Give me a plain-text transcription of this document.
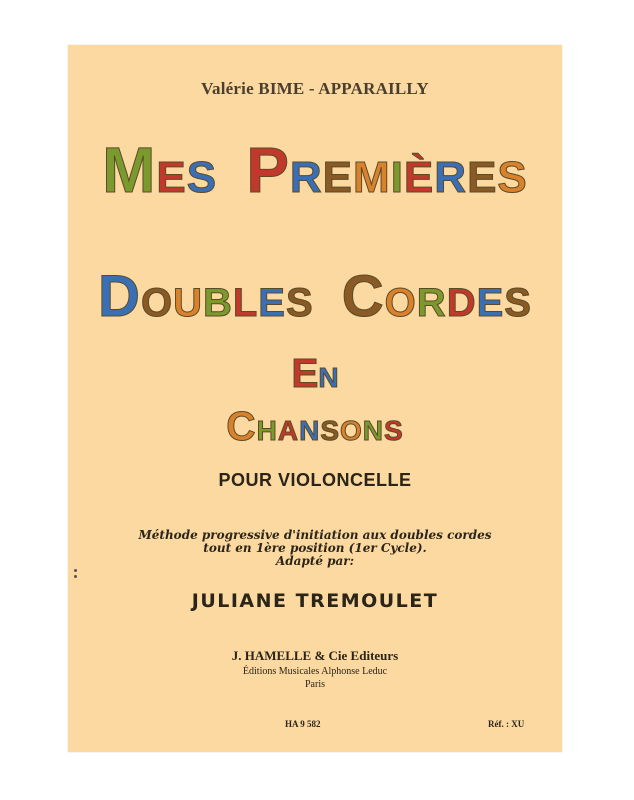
Valérie BIME - APPARAILLY
MES PREMIÈRES
DOUBLES CORDES
EN
CHANSONS
POUR VIOLONCELLE
Méthode progressive d'initiation aux doubles cordes
tout en 1ère position (1er Cycle).
Adapté par:
JULIANE TREMOULET
J. HAMELLE & Cie Editeurs
Éditions Musicales Alphonse Leduc
Paris
HA 9 582	Réf. : XU
